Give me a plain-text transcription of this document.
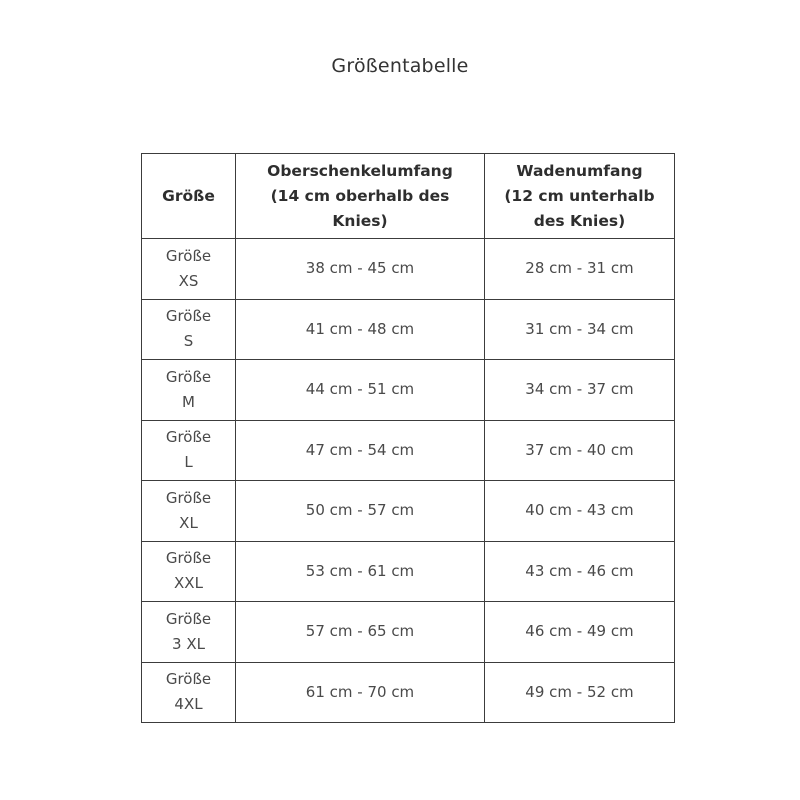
Größentabelle
Größe	Oberschenkelumfang (14 cm oberhalb des Knies)	Wadenumfang (12 cm unterhalb des Knies)

Größe
XS	38 cm - 45 cm	28 cm - 31 cm

Größe
S	41 cm - 48 cm	31 cm - 34 cm

Größe
M	44 cm - 51 cm	34 cm - 37 cm

Größe
L	47 cm - 54 cm	37 cm - 40 cm

Größe
XL	50 cm - 57 cm	40 cm - 43 cm

Größe
XXL	53 cm - 61 cm	43 cm - 46 cm

Größe
3 XL	57 cm - 65 cm	46 cm - 49 cm

Größe
4XL	61 cm - 70 cm	49 cm - 52 cm
